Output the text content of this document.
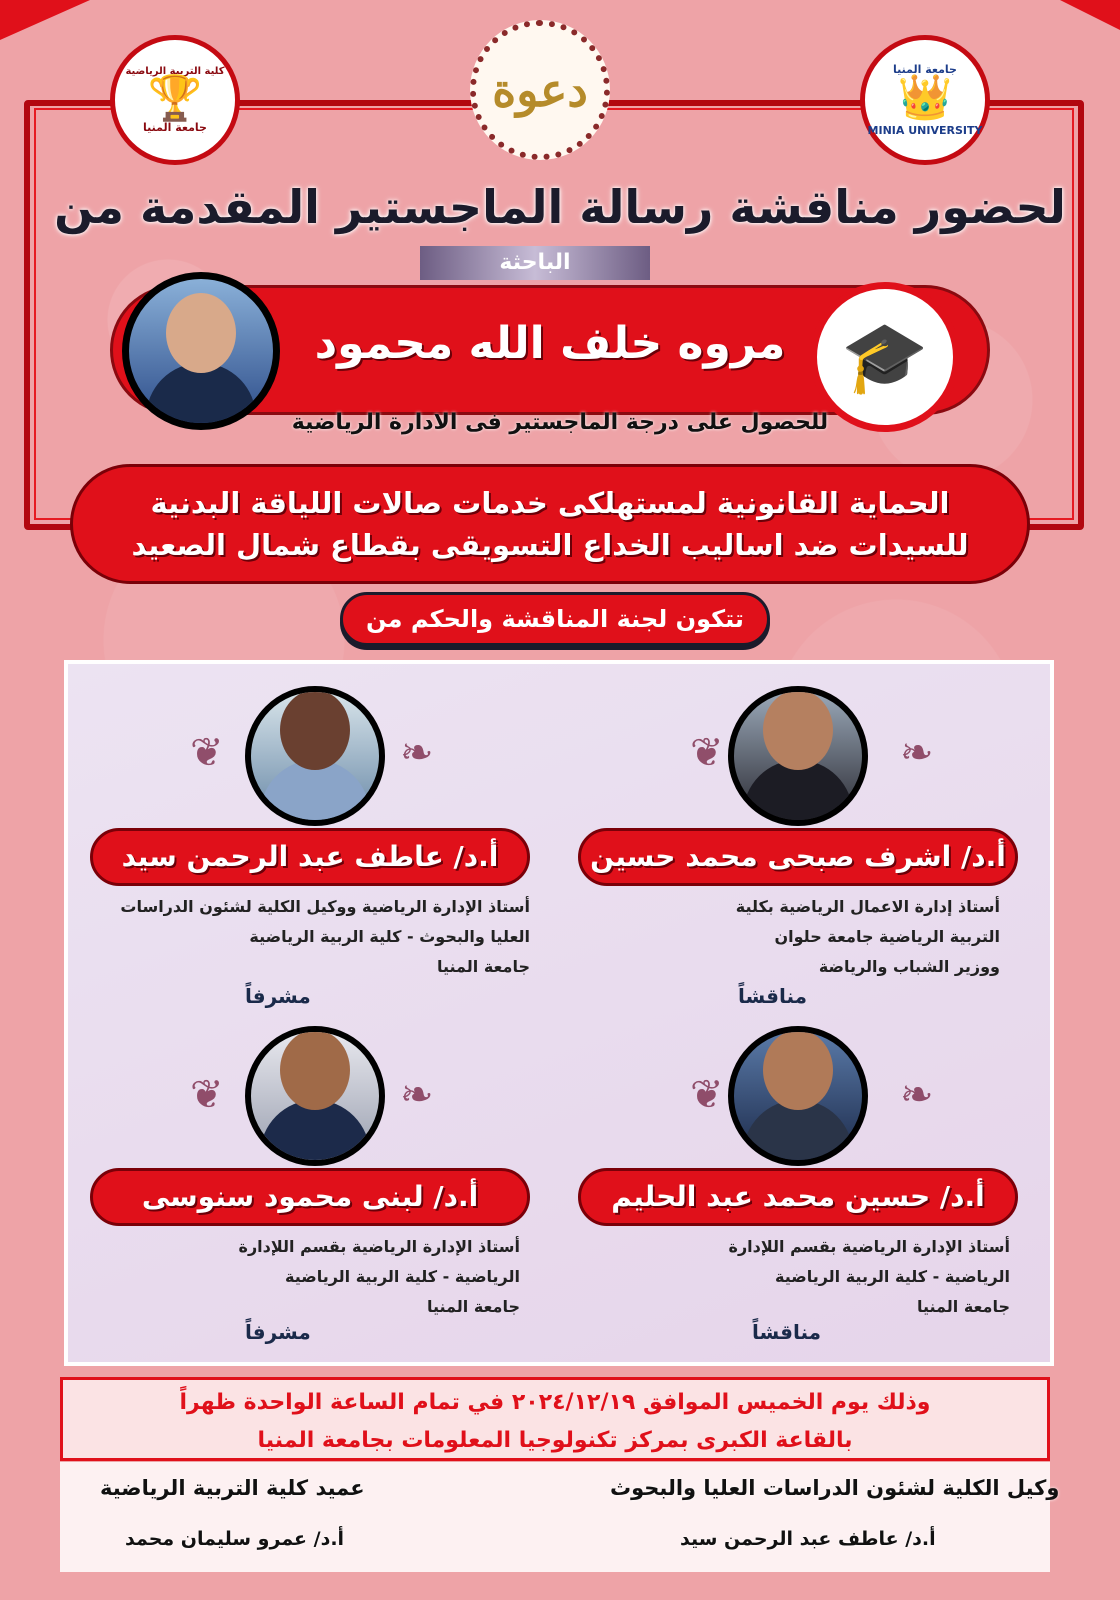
كلية التربية الرياضية
🏆
جامعة المنيا
دعوة	جامعة المنيا
👑
MINIA UNIVERSITY
لحضور مناقشة رسالة الماجستير المقدمة من
الباحثة
مروه خلف الله محمود 🎓
للحصول على درجة الماجستير فى الادارة الرياضية
الحماية القانونية لمستهلكى خدمات صالات اللياقة البدنية
للسيدات ضد اساليب الخداع التسويقى بقطاع شمال الصعيد
تتكون لجنة المناقشة والحكم من
❦	❧
أ.د/ اشرف صبحى محمد حسين
أستاذ إدارة الاعمال الرياضية بكلية
التربية الرياضية جامعة حلوان
ووزير الشباب والرياضة
مناقشاً
❦	❧
أ.د/ عاطف عبد الرحمن سيد
أستاذ الإدارة الرياضية ووكيل الكلية لشئون الدراسات
العليا والبحوث - كلية الربية الرياضية
جامعة المنيا
مشرفاً
❦	❧
أ.د/ حسين محمد عبد الحليم
أستاذ الإدارة الرياضية بقسم اللإدارة
الرياضية - كلية الربية الرياضية
جامعة المنيا
مناقشاً
❦	❧
أ.د/ لبنى محمود سنوسى
أستاذ الإدارة الرياضية بقسم اللإدارة
الرياضية - كلية الربية الرياضية
جامعة المنيا
مشرفاً
وذلك يوم الخميس الموافق ٢٠٢٤/١٢/١٩ في تمام الساعة الواحدة ظهراً
بالقاعة الكبرى بمركز تكنولوجيا المعلومات بجامعة المنيا
وكيل الكلية لشئون الدراسات العليا والبحوث
أ.د/ عاطف عبد الرحمن سيد
عميد كلية التربية الرياضية
أ.د/ عمرو سليمان محمد
